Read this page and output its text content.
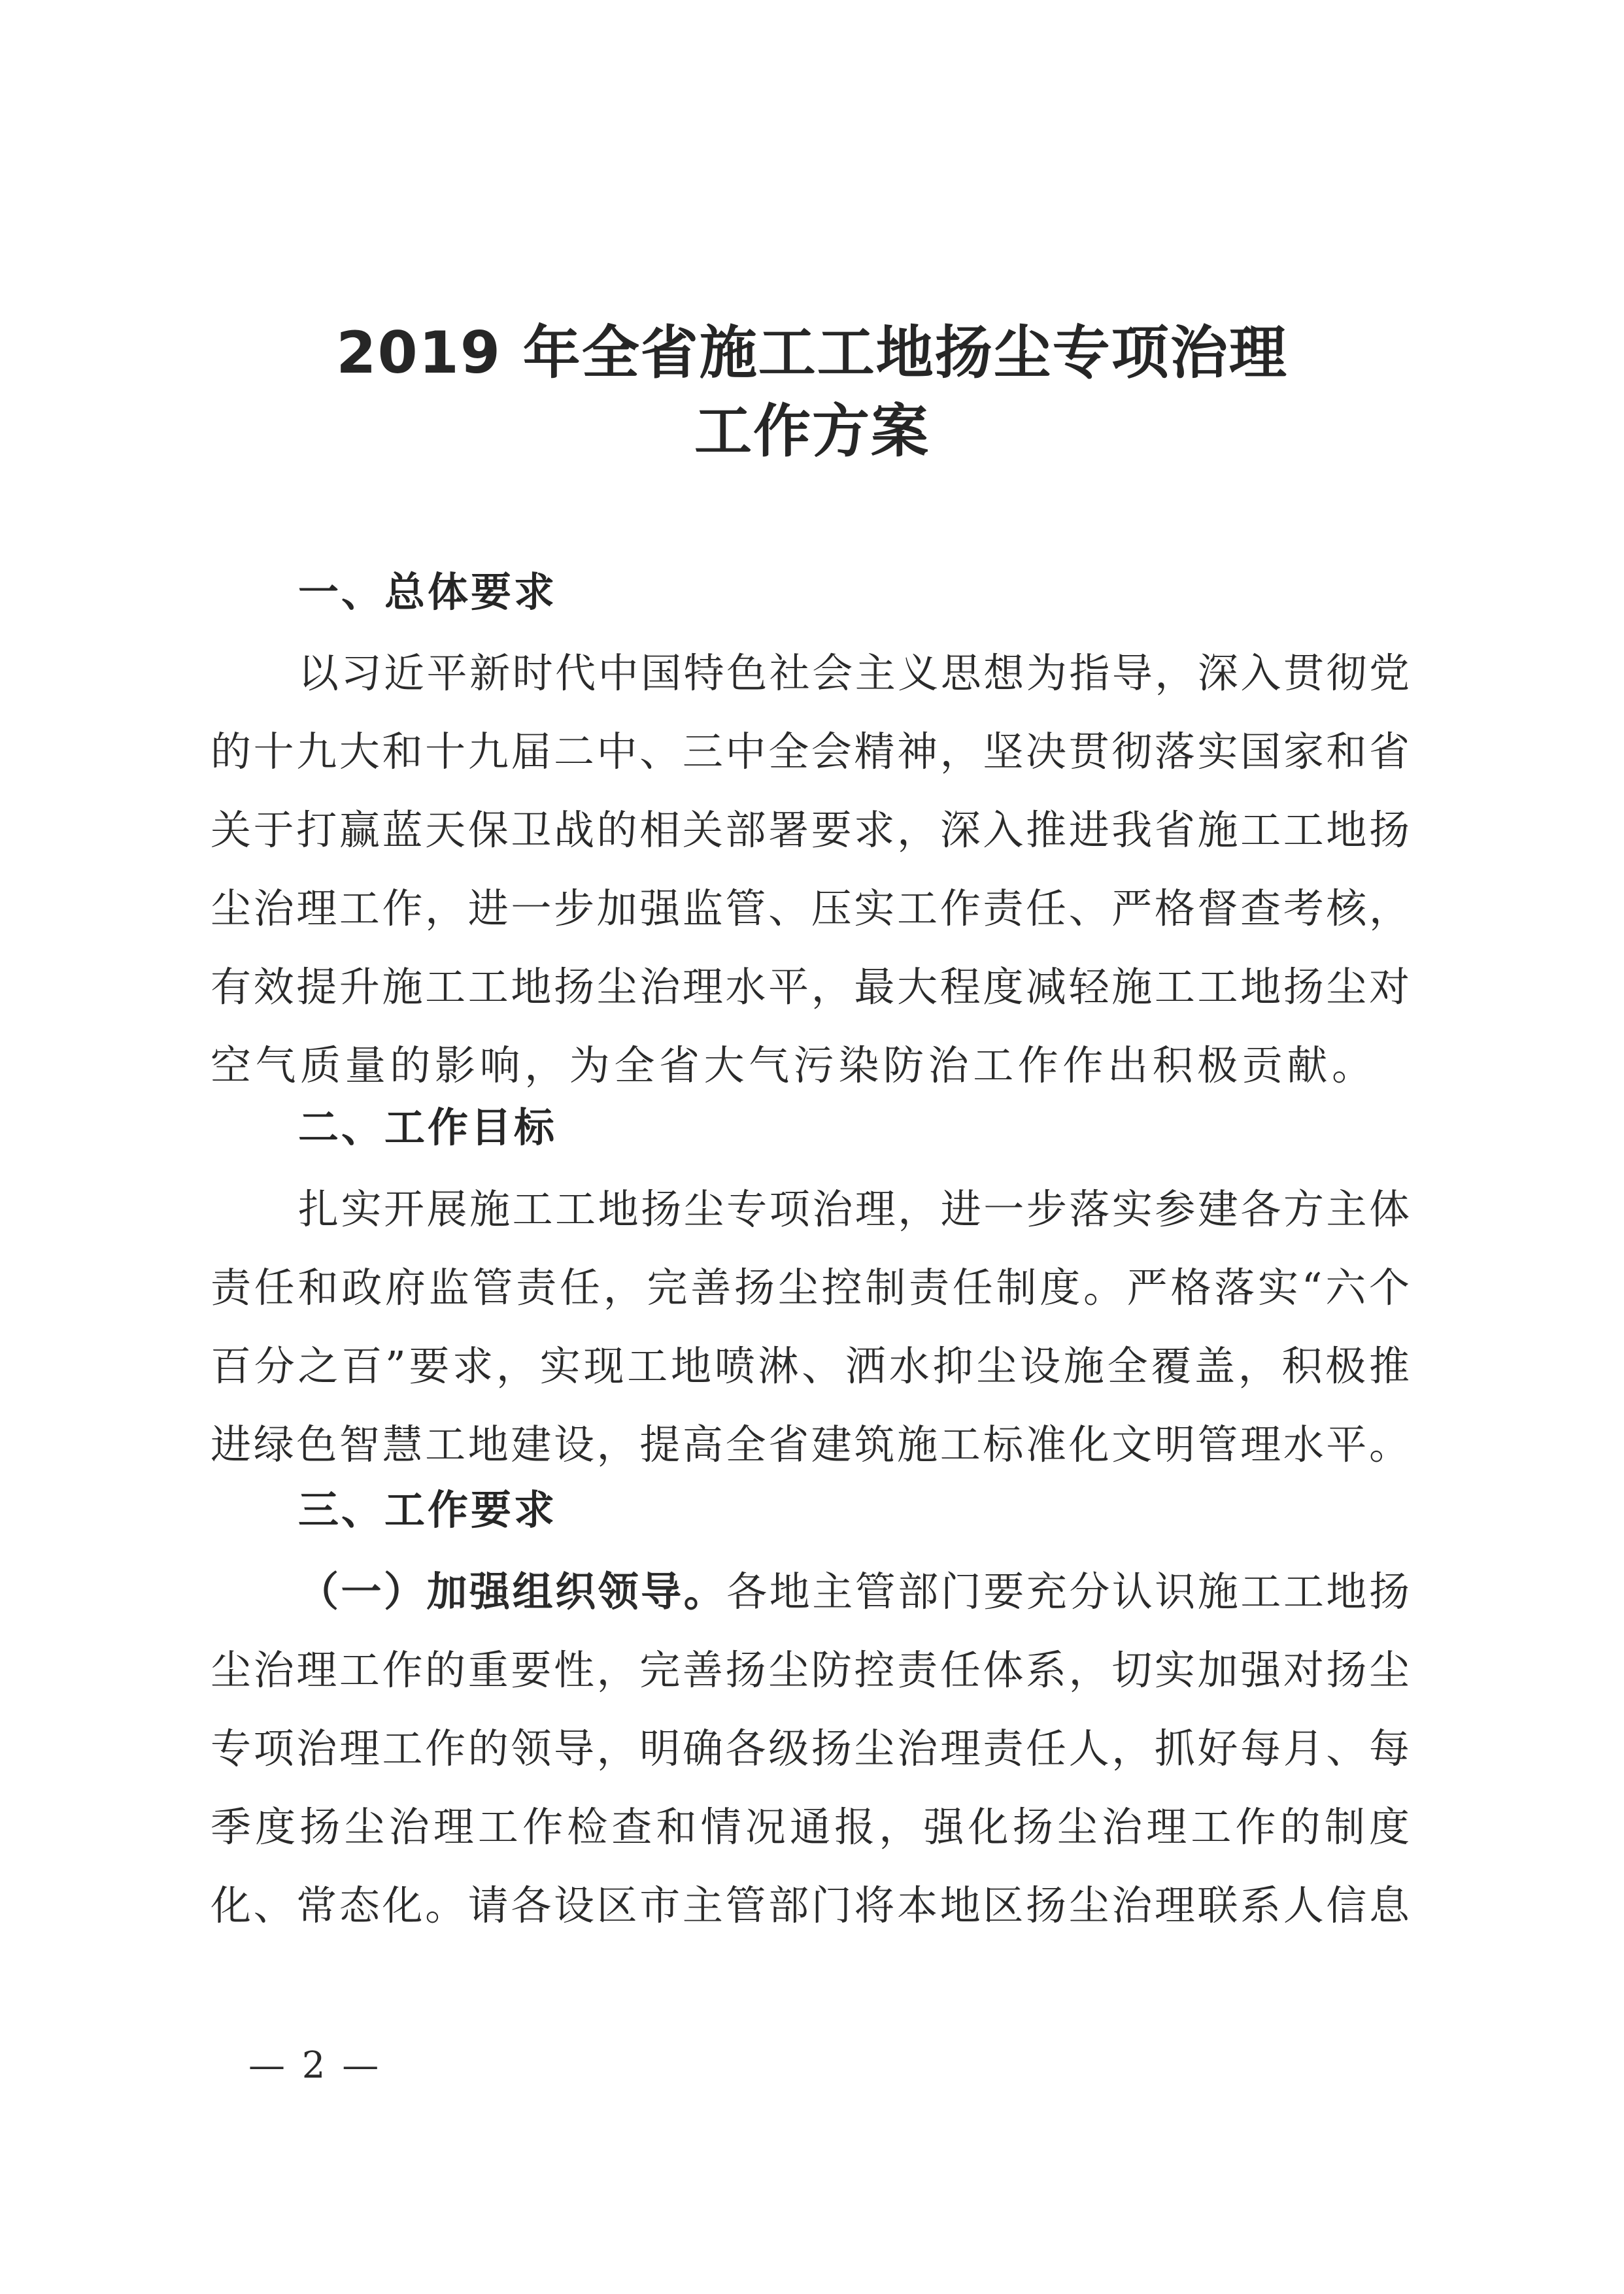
2019 年全省施工工地扬尘专项治理
工作方案
一、总体要求
以习近平新时代中国特色社会主义思想为指导，深入贯彻党
的十九大和十九届二中、三中全会精神，坚决贯彻落实国家和省
关于打赢蓝天保卫战的相关部署要求，深入推进我省施工工地扬
尘治理工作，进一步加强监管、压实工作责任、严格督查考核，
有效提升施工工地扬尘治理水平，最大程度减轻施工工地扬尘对
空气质量的影响，为全省大气污染防治工作作出积极贡献。
二、工作目标
扎实开展施工工地扬尘专项治理，进一步落实参建各方主体
责任和政府监管责任，完善扬尘控制责任制度。严格落实“六个
百分之百”要求，实现工地喷淋、洒水抑尘设施全覆盖，积极推
进绿色智慧工地建设，提高全省建筑施工标准化文明管理水平。
三、工作要求
（一）加强组织领导。各地主管部门要充分认识施工工地扬
尘治理工作的重要性，完善扬尘防控责任体系，切实加强对扬尘
专项治理工作的领导，明确各级扬尘治理责任人，抓好每月、每
季度扬尘治理工作检查和情况通报，强化扬尘治理工作的制度
化、常态化。请各设区市主管部门将本地区扬尘治理联系人信息
— 2 —
